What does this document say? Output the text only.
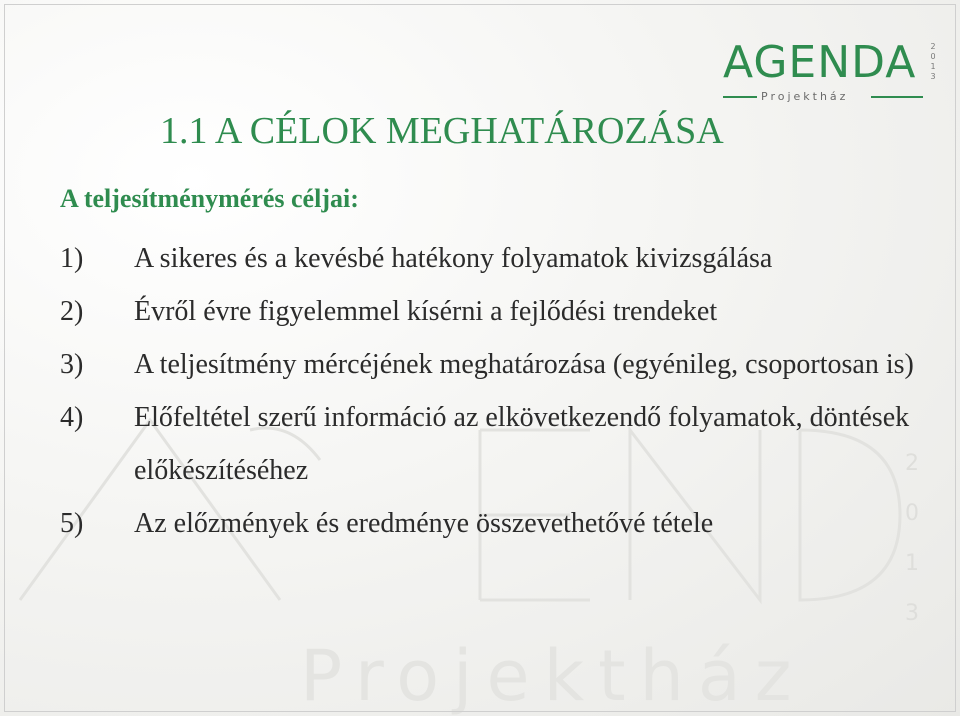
Projektház
2
0
1
3
AGENDA	2013
Projektház
1.1 A CÉLOK MEGHATÁROZÁSA
A teljesítménymérés céljai:
1) A sikeres és a kevésbé hatékony folyamatok kivizsgálása
2) Évről évre figyelemmel kísérni a fejlődési trendeket
3) A teljesítmény mércéjének meghatározása (egyénileg, csoportosan is)
4) Előfeltétel szerű információ az elkövetkezendő folyamatok, döntések előkészítéséhez
5) Az előzmények és eredménye összevethetővé tétele
